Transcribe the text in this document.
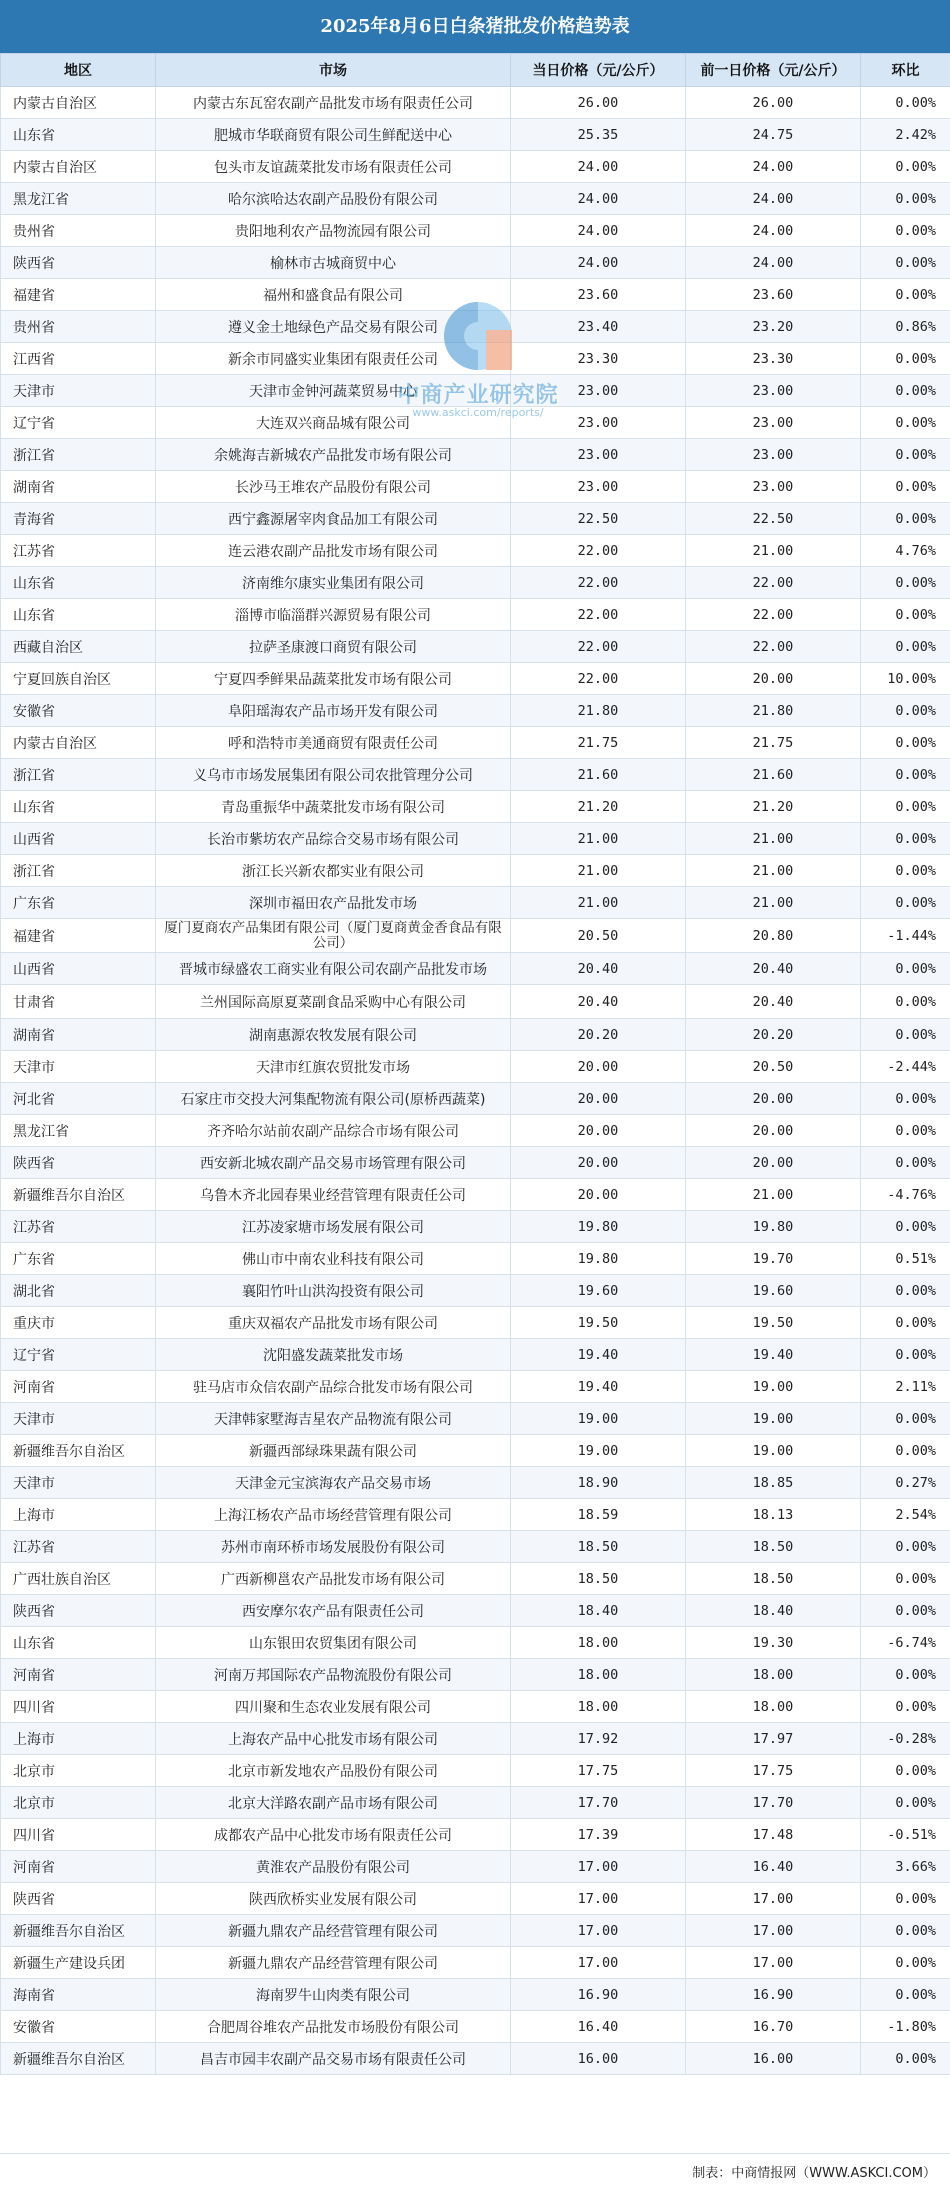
2025年8月6日白条猪批发价格趋势表
地区	市场	当日价格（元/公斤）	前一日价格（元/公斤）	环比
内蒙古自治区	内蒙古东瓦窑农副产品批发市场有限责任公司	26.00	26.00	0.00%
山东省	肥城市华联商贸有限公司生鲜配送中心	25.35	24.75	2.42%
内蒙古自治区	包头市友谊蔬菜批发市场有限责任公司	24.00	24.00	0.00%
黑龙江省	哈尔滨哈达农副产品股份有限公司	24.00	24.00	0.00%
贵州省	贵阳地利农产品物流园有限公司	24.00	24.00	0.00%
陕西省	榆林市古城商贸中心	24.00	24.00	0.00%
福建省	福州和盛食品有限公司	23.60	23.60	0.00%
贵州省	遵义金土地绿色产品交易有限公司	23.40	23.20	0.86%
江西省	新余市同盛实业集团有限责任公司	23.30	23.30	0.00%
天津市	天津市金钟河蔬菜贸易中心	23.00	23.00	0.00%
辽宁省	大连双兴商品城有限公司	23.00	23.00	0.00%
浙江省	余姚海吉新城农产品批发市场有限公司	23.00	23.00	0.00%
湖南省	长沙马王堆农产品股份有限公司	23.00	23.00	0.00%
青海省	西宁鑫源屠宰肉食品加工有限公司	22.50	22.50	0.00%
江苏省	连云港农副产品批发市场有限公司	22.00	21.00	4.76%
山东省	济南维尔康实业集团有限公司	22.00	22.00	0.00%
山东省	淄博市临淄群兴源贸易有限公司	22.00	22.00	0.00%
西藏自治区	拉萨圣康渡口商贸有限公司	22.00	22.00	0.00%
宁夏回族自治区	宁夏四季鲜果品蔬菜批发市场有限公司	22.00	20.00	10.00%
安徽省	阜阳瑶海农产品市场开发有限公司	21.80	21.80	0.00%
内蒙古自治区	呼和浩特市美通商贸有限责任公司	21.75	21.75	0.00%
浙江省	义乌市市场发展集团有限公司农批管理分公司	21.60	21.60	0.00%
山东省	青岛重振华中蔬菜批发市场有限公司	21.20	21.20	0.00%
山西省	长治市紫坊农产品综合交易市场有限公司	21.00	21.00	0.00%
浙江省	浙江长兴新农都实业有限公司	21.00	21.00	0.00%
广东省	深圳市福田农产品批发市场	21.00	21.00	0.00%
福建省	厦门夏商农产品集团有限公司（厦门夏商黄金香食品有限公司）	20.50	20.80	-1.44%
山西省	晋城市绿盛农工商实业有限公司农副产品批发市场	20.40	20.40	0.00%
甘肃省	兰州国际高原夏菜副食品采购中心有限公司	20.40	20.40	0.00%
湖南省	湖南惠源农牧发展有限公司	20.20	20.20	0.00%
天津市	天津市红旗农贸批发市场	20.00	20.50	-2.44%
河北省	石家庄市交投大河集配物流有限公司(原桥西蔬菜)	20.00	20.00	0.00%
黑龙江省	齐齐哈尔站前农副产品综合市场有限公司	20.00	20.00	0.00%
陕西省	西安新北城农副产品交易市场管理有限公司	20.00	20.00	0.00%
新疆维吾尔自治区	乌鲁木齐北园春果业经营管理有限责任公司	20.00	21.00	-4.76%
江苏省	江苏凌家塘市场发展有限公司	19.80	19.80	0.00%
广东省	佛山市中南农业科技有限公司	19.80	19.70	0.51%
湖北省	襄阳竹叶山洪沟投资有限公司	19.60	19.60	0.00%
重庆市	重庆双福农产品批发市场有限公司	19.50	19.50	0.00%
辽宁省	沈阳盛发蔬菜批发市场	19.40	19.40	0.00%
河南省	驻马店市众信农副产品综合批发市场有限公司	19.40	19.00	2.11%
天津市	天津韩家墅海吉星农产品物流有限公司	19.00	19.00	0.00%
新疆维吾尔自治区	新疆西部绿珠果蔬有限公司	19.00	19.00	0.00%
天津市	天津金元宝滨海农产品交易市场	18.90	18.85	0.27%
上海市	上海江杨农产品市场经营管理有限公司	18.59	18.13	2.54%
江苏省	苏州市南环桥市场发展股份有限公司	18.50	18.50	0.00%
广西壮族自治区	广西新柳邕农产品批发市场有限公司	18.50	18.50	0.00%
陕西省	西安摩尔农产品有限责任公司	18.40	18.40	0.00%
山东省	山东银田农贸集团有限公司	18.00	19.30	-6.74%
河南省	河南万邦国际农产品物流股份有限公司	18.00	18.00	0.00%
四川省	四川聚和生态农业发展有限公司	18.00	18.00	0.00%
上海市	上海农产品中心批发市场有限公司	17.92	17.97	-0.28%
北京市	北京市新发地农产品股份有限公司	17.75	17.75	0.00%
北京市	北京大洋路农副产品市场有限公司	17.70	17.70	0.00%
四川省	成都农产品中心批发市场有限责任公司	17.39	17.48	-0.51%
河南省	黄淮农产品股份有限公司	17.00	16.40	3.66%
陕西省	陕西欣桥实业发展有限公司	17.00	17.00	0.00%
新疆维吾尔自治区	新疆九鼎农产品经营管理有限公司	17.00	17.00	0.00%
新疆生产建设兵团	新疆九鼎农产品经营管理有限公司	17.00	17.00	0.00%
海南省	海南罗牛山肉类有限公司	16.90	16.90	0.00%
安徽省	合肥周谷堆农产品批发市场股份有限公司	16.40	16.70	-1.80%
新疆维吾尔自治区	昌吉市园丰农副产品交易市场有限责任公司	16.00	16.00	0.00%
中商产业研究院
www.askci.com/reports/
制表：中商情报网（WWW.ASKCI.COM）
